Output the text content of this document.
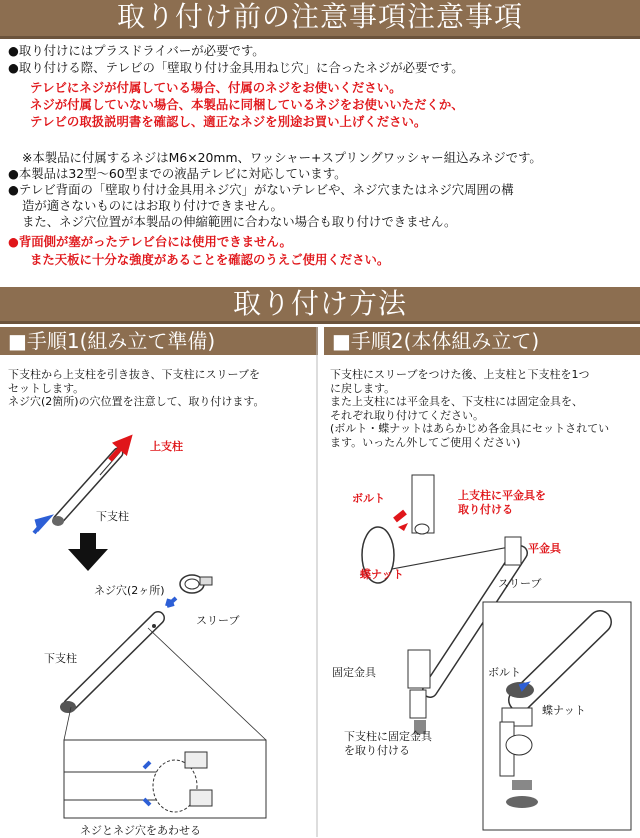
取り付け前の注意事項注意事項
● 取り付けにはプラスドライバーが必要です。
● 取り付ける際、テレビの「壁取り付け金具用ねじ穴」に合ったネジが必要です。
テレビにネジが付属している場合、付属のネジをお使いください。
ネジが付属していない場合、本製品に同梱しているネジをお使いいただくか、
テレビの取扱説明書を確認し、適正なネジを別途お買い上げください。
※本製品に付属するネジはM6×20mm、ワッシャー+スプリングワッシャー組込みネジです。
● 本製品は32型～60型までの液晶テレビに対応しています。
● テレビ背面の「壁取り付け金具用ネジ穴」がないテレビや、ネジ穴またはネジ穴周囲の構
造が適さないものにはお取り付けできません。
また、ネジ穴位置が本製品の伸縮範囲に合わない場合も取り付けできません。
● 背面側が塞がったテレビ台には使用できません。
また天板に十分な強度があることを確認のうえご使用ください。
取り付け方法
■手順1(組み立て準備)	■手順2(本体組み立て)
下支柱から上支柱を引き抜き、下支柱にスリーブを
セットします。
ネジ穴(2箇所)の穴位置を注意して、取り付けます。
下支柱にスリーブをつけた後、上支柱と下支柱を1つ
に戻します。
また上支柱には平金具を、下支柱には固定金具を、
それぞれ取り付けてください。
(ボルト・蝶ナットはあらかじめ各金具にセットされてい
ます。いったん外してご使用ください)
上支柱
下支柱
ネジ穴(2ヶ所)
スリーブ
下支柱
ネジとネジ穴をあわせる
ボルト	上支柱に平金具を
取り付ける
平金具
蝶ナット
スリーブ
固定金具	ボルト
蝶ナット
下支柱に固定金具
を取り付ける
